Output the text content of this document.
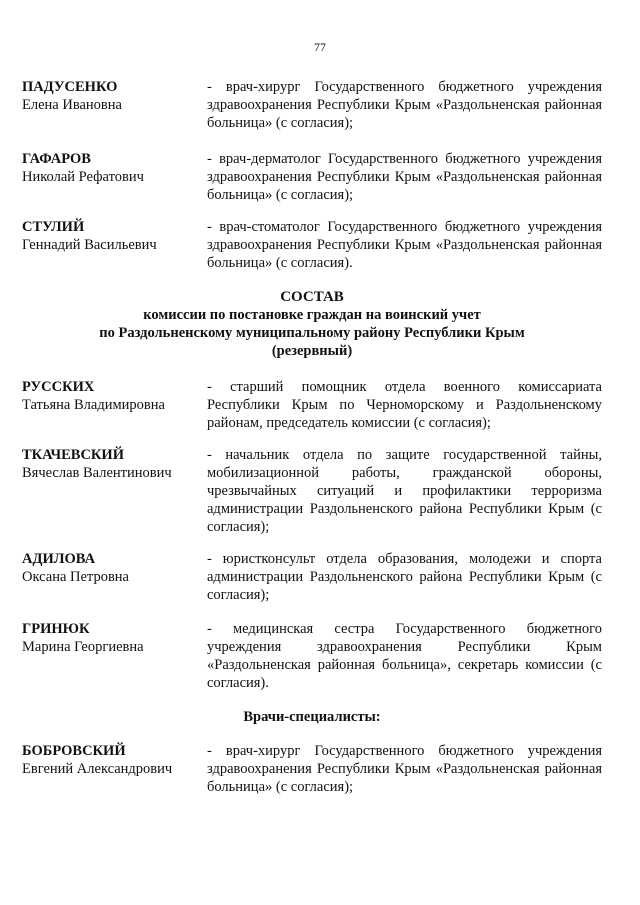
77
ПАДУСЕНКО
Елена Ивановна
- врач-хирург Государственного бюджетного учреждения здравоохранения Республики Крым «Раздольненская районная больница» (с согласия);
ГАФАРОВ
Николай Рефатович
- врач-дерматолог Государственного бюджетного учреждения здравоохранения Республики Крым «Раздольненская районная больница» (с согласия);
СТУЛИЙ
Геннадий Васильевич
- врач-стоматолог Государственного бюджетного учреждения здравоохранения Республики Крым «Раздольненская районная больница» (с согласия).
СОСТАВ
комиссии по постановке граждан на воинский учет
по Раздольненскому муниципальному району Республики Крым
(резервный)
РУССКИХ
Татьяна Владимировна
- старший помощник отдела военного комиссариата Республики Крым по Черноморскому и Раздольненскому районам, председатель комиссии (с согласия);
ТКАЧЕВСКИЙ
Вячеслав Валентинович
- начальник отдела по защите государственной тайны, мобилизационной работы, гражданской обороны, чрезвычайных ситуаций и профилактики терроризма администрации Раздольненского района Республики Крым (с согласия);
АДИЛОВА
Оксана Петровна
- юристконсульт отдела образования, молодежи и спорта администрации Раздольненского района Республики Крым (с согласия);
ГРИНЮК
Марина Георгиевна
- медицинская сестра Государственного бюджетного учреждения здравоохранения Республики Крым «Раздольненская районная больница», секретарь комиссии (с согласия).
Врачи-специалисты:
БОБРОВСКИЙ
Евгений Александрович
- врач-хирург Государственного бюджетного учреждения здравоохранения Республики Крым «Раздольненская районная больница» (с согласия);
